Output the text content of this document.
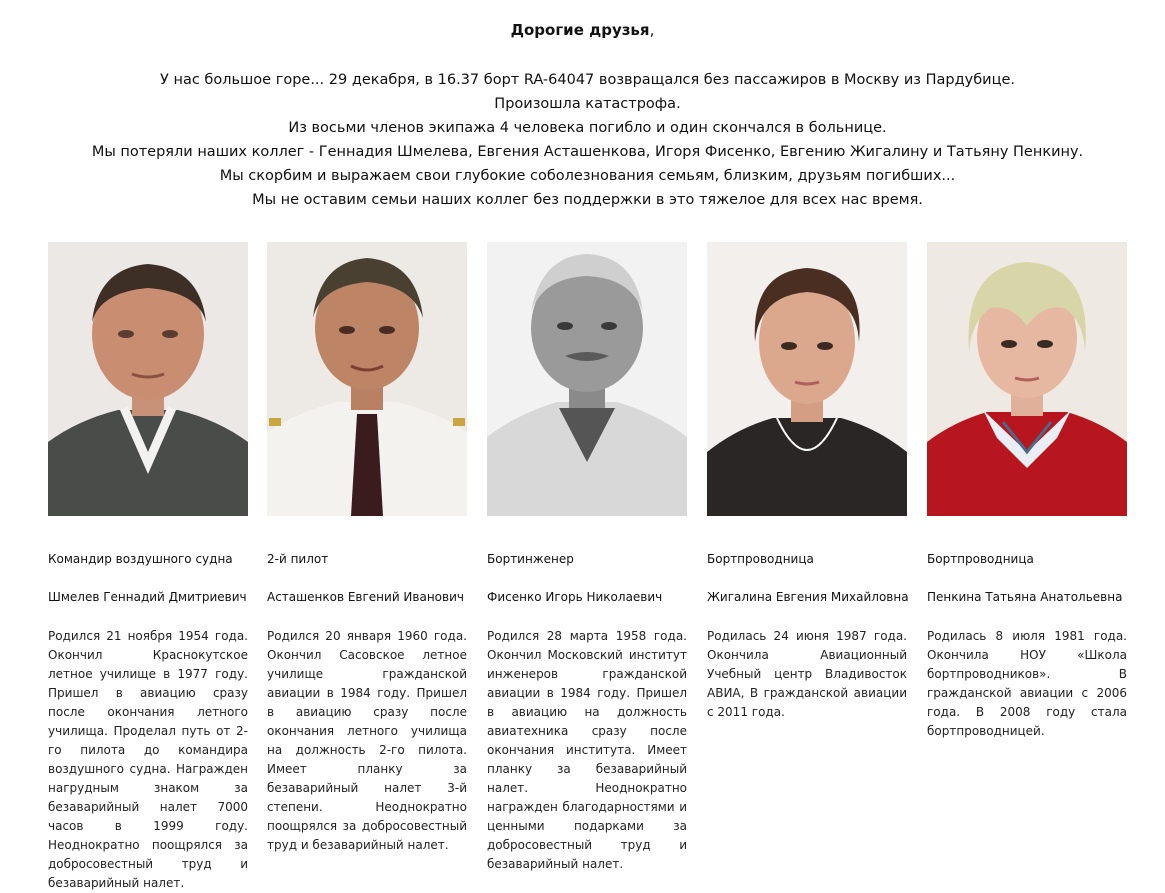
Дорогие друзья,

У нас большое горе... 29 декабря, в 16.37 борт RA-64047 возвращался без пассажиров в Москву из Пардубице.

Произошла катастрофа.

Из восьми членов экипажа 4 человека погибло и один скончался в больнице.

Мы потеряли наших коллег - Геннадия Шмелева, Евгения Асташенкова, Игоря Фисенко, Евгению Жигалину и Татьяну Пенкину.

Мы скорбим и выражаем свои глубокие соболезнования семьям, близким, друзьям погибших...

Мы не оставим семьи наших коллег без поддержки в это тяжелое для всех нас время.

Командир воздушного судна
Шмелев Геннадий Дмитриевич
Родился 21 ноября 1954 года. Окончил Краснокутское летное училище в 1977 году. Пришел в авиацию сразу после окончания летного училища. Проделал путь от 2-го пилота до командира воздушного судна. Награжден нагрудным знаком за безаварийный налет 7000 часов в 1999 году. Неоднократно поощрялся за добросовестный труд и безаварийный налет.
2-й пилот
Асташенков Евгений Иванович
Родился 20 января 1960 года. Окончил Сасовское летное училище гражданской авиации в 1984 году. Пришел в авиацию сразу после окончания летного училища на должность 2-го пилота. Имеет планку за безаварийный налет 3-й степени. Неоднократно поощрялся за добросовестный труд и безаварийный налет.
Бортинженер
Фисенко Игорь Николаевич
Родился 28 марта 1958 года. Окончил Московский институт инженеров гражданской авиации в 1984 году. Пришел в авиацию на должность авиатехника сразу после окончания института. Имеет планку за безаварийный налет. Неоднократно награжден благодарностями и ценными подарками за добросовестный труд и безаварийный налет.
Бортпроводница
Жигалина Евгения Михайловна
Родилась 24 июня 1987 года. Окончила Авиационный Учебный центр Владивосток АВИА, В гражданской авиации с 2011 года.
Бортпроводница
Пенкина Татьяна Анатольевна
Родилась 8 июля 1981 года. Окончила НОУ «Школа бортпроводников». В гражданской авиации с 2006 года. В 2008 году стала бортпроводницей.
